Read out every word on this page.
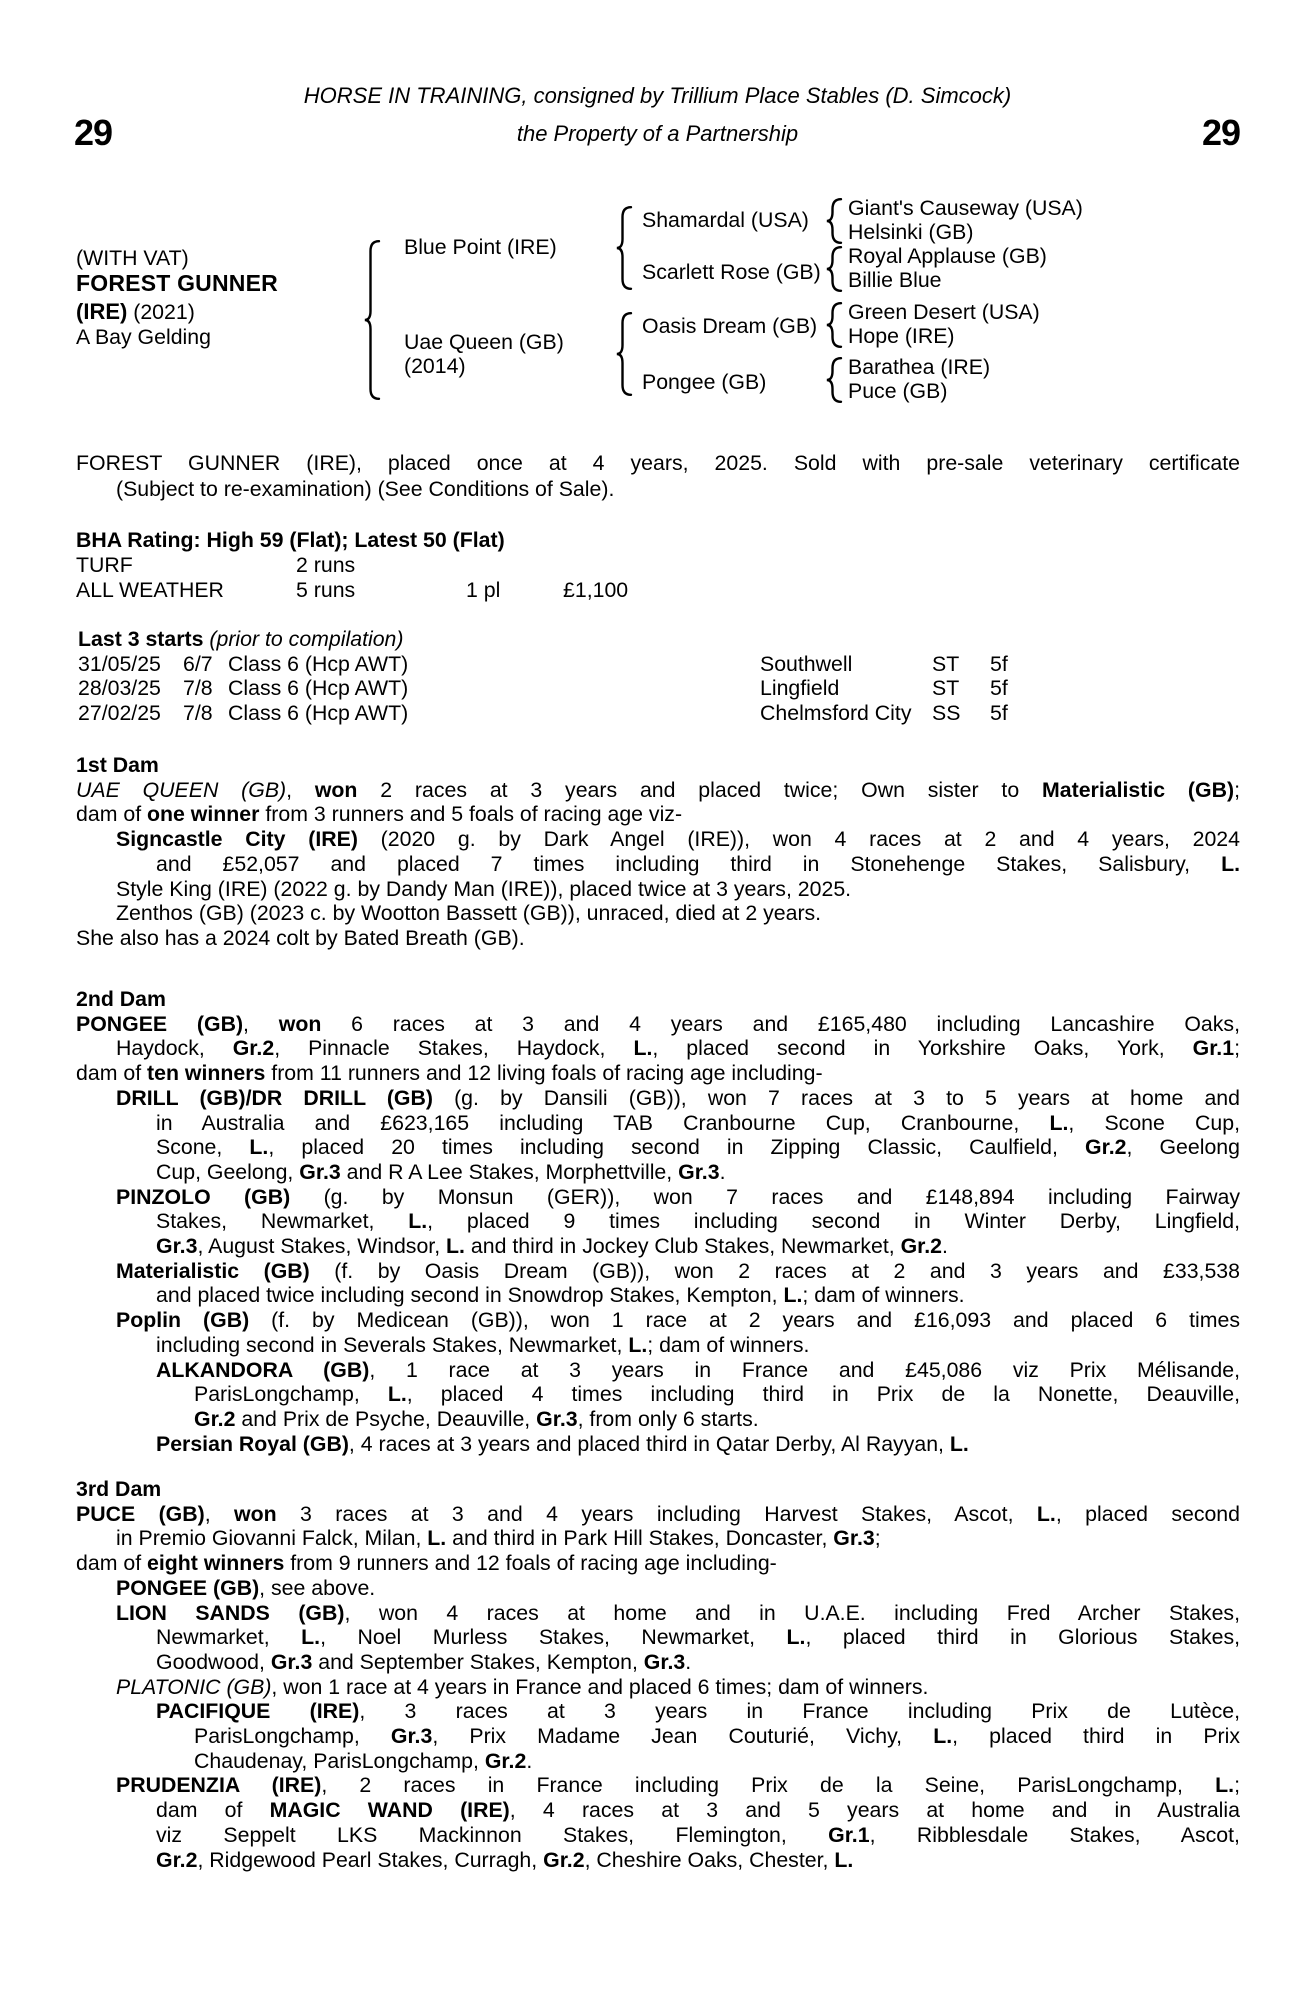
HORSE IN TRAINING, consigned by Trillium Place Stables (D. Simcock)
the Property of a Partnership
29	29
(WITH VAT)
FOREST GUNNER
(IRE) (2021)
A Bay Gelding
Blue Point (IRE)
Uae Queen (GB)
(2014)
Shamardal (USA)
Scarlett Rose (GB)
Oasis Dream (GB)
Pongee (GB)
Giant's Causeway (USA)
Helsinki (GB)
Royal Applause (GB)
Billie Blue
Green Desert (USA)
Hope (IRE)
Barathea (IRE)
Puce (GB)
FOREST GUNNER (IRE), placed once at 4 years, 2025. Sold with pre-sale veterinary certificate
(Subject to re-examination) (See Conditions of Sale).
BHA Rating: High 59 (Flat); Latest 50 (Flat)
TURF	2 runs
ALL WEATHER	5 runs	1 pl	£1,100
Last 3 starts (prior to compilation)
31/05/25	6/7 Class 6 (Hcp AWT)	Southwell	ST	5f
28/03/25	7/8 Class 6 (Hcp AWT)	Lingfield	ST	5f
27/02/25	7/8 Class 6 (Hcp AWT)	Chelmsford City SS	5f
1st Dam
UAE QUEEN (GB), won 2 races at 3 years and placed twice; Own sister to Materialistic (GB);
dam of one winner from 3 runners and 5 foals of racing age viz-
Signcastle City (IRE) (2020 g. by Dark Angel (IRE)), won 4 races at 2 and 4 years, 2024
and £52,057 and placed 7 times including third in Stonehenge Stakes, Salisbury, L.
Style King (IRE) (2022 g. by Dandy Man (IRE)), placed twice at 3 years, 2025.
Zenthos (GB) (2023 c. by Wootton Bassett (GB)), unraced, died at 2 years.
She also has a 2024 colt by Bated Breath (GB).
2nd Dam
PONGEE (GB), won 6 races at 3 and 4 years and £165,480 including Lancashire Oaks,
Haydock, Gr.2, Pinnacle Stakes, Haydock, L., placed second in Yorkshire Oaks, York, Gr.1;
dam of ten winners from 11 runners and 12 living foals of racing age including-
DRILL (GB)/DR DRILL (GB) (g. by Dansili (GB)), won 7 races at 3 to 5 years at home and
in Australia and £623,165 including TAB Cranbourne Cup, Cranbourne, L., Scone Cup,
Scone, L., placed 20 times including second in Zipping Classic, Caulfield, Gr.2, Geelong
Cup, Geelong, Gr.3 and R A Lee Stakes, Morphettville, Gr.3.
PINZOLO (GB) (g. by Monsun (GER)), won 7 races and £148,894 including Fairway
Stakes, Newmarket, L., placed 9 times including second in Winter Derby, Lingfield,
Gr.3, August Stakes, Windsor, L. and third in Jockey Club Stakes, Newmarket, Gr.2.
Materialistic (GB) (f. by Oasis Dream (GB)), won 2 races at 2 and 3 years and £33,538
and placed twice including second in Snowdrop Stakes, Kempton, L.; dam of winners.
Poplin (GB) (f. by Medicean (GB)), won 1 race at 2 years and £16,093 and placed 6 times
including second in Severals Stakes, Newmarket, L.; dam of winners.
ALKANDORA (GB), 1 race at 3 years in France and £45,086 viz Prix Mélisande,
ParisLongchamp, L., placed 4 times including third in Prix de la Nonette, Deauville,
Gr.2 and Prix de Psyche, Deauville, Gr.3, from only 6 starts.
Persian Royal (GB), 4 races at 3 years and placed third in Qatar Derby, Al Rayyan, L.
3rd Dam
PUCE (GB), won 3 races at 3 and 4 years including Harvest Stakes, Ascot, L., placed second
in Premio Giovanni Falck, Milan, L. and third in Park Hill Stakes, Doncaster, Gr.3;
dam of eight winners from 9 runners and 12 foals of racing age including-
PONGEE (GB), see above.
LION SANDS (GB), won 4 races at home and in U.A.E. including Fred Archer Stakes,
Newmarket, L., Noel Murless Stakes, Newmarket, L., placed third in Glorious Stakes,
Goodwood, Gr.3 and September Stakes, Kempton, Gr.3.
PLATONIC (GB), won 1 race at 4 years in France and placed 6 times; dam of winners.
PACIFIQUE (IRE), 3 races at 3 years in France including Prix de Lutèce,
ParisLongchamp, Gr.3, Prix Madame Jean Couturié, Vichy, L., placed third in Prix
Chaudenay, ParisLongchamp, Gr.2.
PRUDENZIA (IRE), 2 races in France including Prix de la Seine, ParisLongchamp, L.;
dam of MAGIC WAND (IRE), 4 races at 3 and 5 years at home and in Australia
viz Seppelt LKS Mackinnon Stakes, Flemington, Gr.1, Ribblesdale Stakes, Ascot,
Gr.2, Ridgewood Pearl Stakes, Curragh, Gr.2, Cheshire Oaks, Chester, L.
